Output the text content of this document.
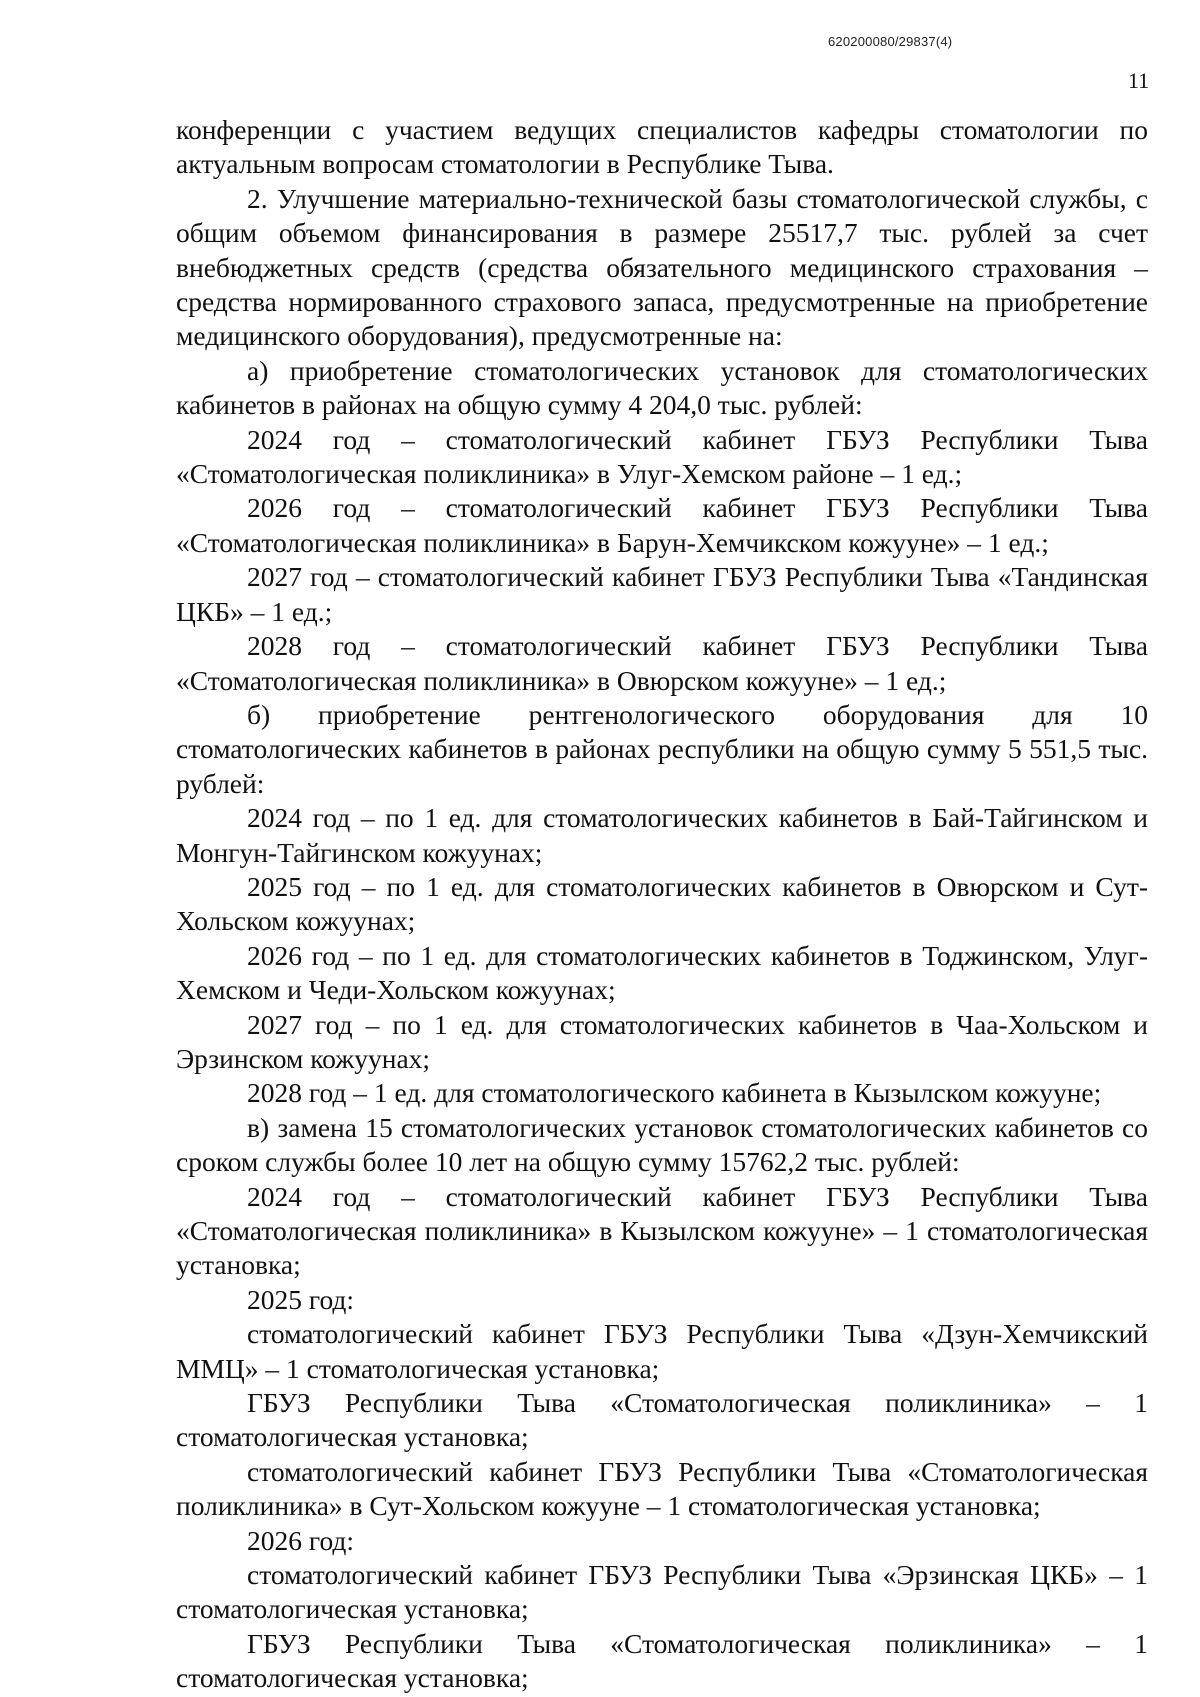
620200080/29837(4)
11

конференции с участием ведущих специалистов кафедры стоматологии по актуальным вопросам стоматологии в Республике Тыва.

2. Улучшение материально-технической базы стоматологической службы, с общим объемом финансирования в размере 25517,7 тыс. рублей за счет внебюджетных средств (средства обязательного медицинского страхования – средства нормированного страхового запаса, предусмотренные на приобретение медицинского оборудования), предусмотренные на:

а) приобретение стоматологических установок для стоматологических кабинетов в районах на общую сумму 4 204,0 тыс. рублей:

2024 год – стоматологический кабинет ГБУЗ Республики Тыва «Стоматологическая поликлиника» в Улуг-Хемском районе – 1 ед.;

2026 год – стоматологический кабинет ГБУЗ Республики Тыва «Стоматологическая поликлиника» в Барун-Хемчикском кожууне» – 1 ед.;

2027 год – стоматологический кабинет ГБУЗ Республики Тыва «Тандинская ЦКБ» – 1 ед.;

2028 год – стоматологический кабинет ГБУЗ Республики Тыва «Стоматологическая поликлиника» в Овюрском кожууне» – 1 ед.;

б) приобретение рентгенологического оборудования для 10 стоматологических кабинетов в районах республики на общую сумму 5 551,5 тыс. рублей:

2024 год – по 1 ед. для стоматологических кабинетов в Бай-Тайгинском и Монгун-Тайгинском кожуунах;

2025 год – по 1 ед. для стоматологических кабинетов в Овюрском и Сут-Хольском кожуунах;

2026 год – по 1 ед. для стоматологических кабинетов в Тоджинском, Улуг-Хемском и Чеди-Хольском кожуунах;

2027 год – по 1 ед. для стоматологических кабинетов в Чаа-Хольском и Эрзинском кожуунах;

2028 год – 1 ед. для стоматологического кабинета в Кызылском кожууне;

в) замена 15 стоматологических установок стоматологических кабинетов со сроком службы более 10 лет на общую сумму 15762,2 тыс. рублей:

2024 год – стоматологический кабинет ГБУЗ Республики Тыва «Стоматологическая поликлиника» в Кызылском кожууне» – 1 стоматологическая установка;

2025 год:

стоматологический кабинет ГБУЗ Республики Тыва «Дзун-Хемчикский ММЦ» – 1 стоматологическая установка;

ГБУЗ Республики Тыва «Стоматологическая поликлиника» – 1 стоматологическая установка;

стоматологический кабинет ГБУЗ Республики Тыва «Стоматологическая поликлиника» в Сут-Хольском кожууне – 1 стоматологическая установка;

2026 год:

стоматологический кабинет ГБУЗ Республики Тыва «Эрзинская ЦКБ» – 1 стоматологическая установка;

ГБУЗ Республики Тыва «Стоматологическая поликлиника» – 1 стоматологическая установка;
